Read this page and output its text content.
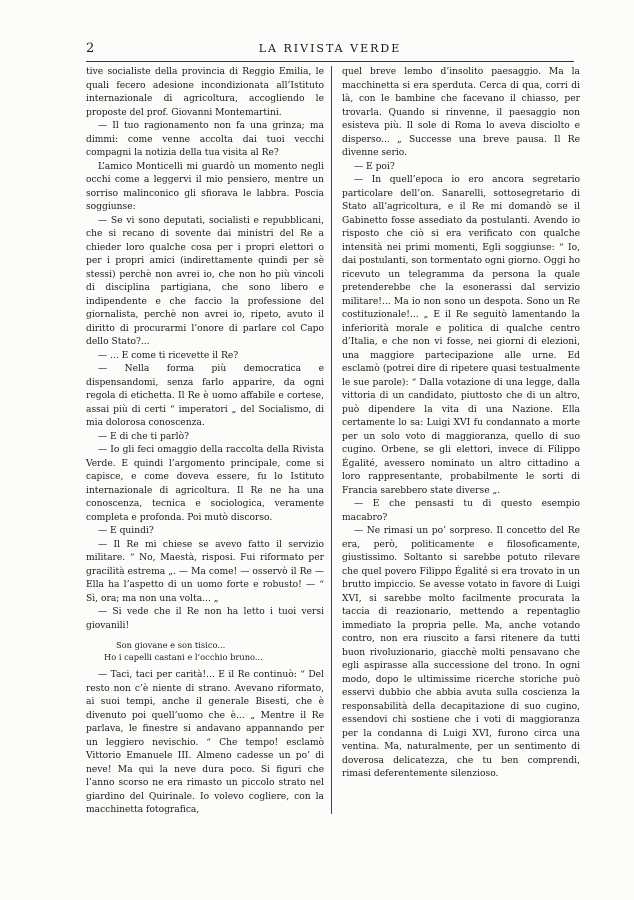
2	LA RIVISTA VERDE

tive socialiste della provincia di Reggio Emilia, le quali fecero adesione incondizionata all’Istituto internazionale di agricoltura, accogliendo le proposte del prof. Giovanni Montemartini.

— Il tuo ragionamento non fa una grinza; ma dimmi: come venne accolta dai tuoi vecchi compagni la notizia della tua visita al Re?

L’amico Monticelli mi guardò un momento negli occhi come a leggervi il mio pensiero, mentre un sorriso malinconico gli sfiorava le labbra. Poscia soggiunse:

— Se vi sono deputati, socialisti e repubblicani, che si recano di sovente dai ministri del Re a chieder loro qualche cosa per i propri elettori o per i propri amici (indirettamente quindi per sè stessi) perchè non avrei io, che non ho più vincoli di disciplina partigiana, che sono libero e indipendente e che faccio la professione del giornalista, perchè non avrei io, ripeto, avuto il diritto di procurarmi l’onore di parlare col Capo dello Stato?...

— ... E come ti ricevette il Re?

— Nella forma più democratica e dispensandomi, senza farlo apparire, da ogni regola di etichetta. Il Re è uomo affabile e cortese, assai più di certi “ imperatori „ del Socialismo, di mia dolorosa conoscenza.

— E di che ti parlò?

— Io gli feci omaggio della raccolta della Rivista Verde. E quindi l’argomento principale, come si capisce, e come doveva essere, fu lo Istituto internazionale di agricoltura. Il Re ne ha una conoscenza, tecnica e sociologica, veramente completa e profonda. Poi mutò discorso.

— E quindi?

— Il Re mi chiese se avevo fatto il servizio militare. “ No, Maestà, risposi. Fui riformato per gracilità estrema „. — Ma come! — osservò il Re — Ella ha l’aspetto di un uomo forte e robusto! — “ Sì, ora; ma non una volta... „

— Si vede che il Re non ha letto i tuoi versi giovanili!

Son giovane e son tisico...
Ho i capelli castani e l’occhio bruno...

— Taci, taci per carità!... E il Re continuò: “ Del resto non c’è niente di strano. Avevano riformato, ai suoi tempi, anche il generale Bisesti, che è divenuto poi quell’uomo che è... „ Mentre il Re parlava, le finestre si andavano appannando per un leggiero nevischio. “ Che tempo! esclamò Vittorio Emanuele III. Almeno cadesse un po’ di neve! Ma qui la neve dura poco. Si figuri che l’anno scorso ne era rimasto un piccolo strato nel giardino del Quirinale. Io volevo coglierе, con la macchinetta fotografica,

quel breve lembo d’insolito paesaggio. Ma la macchinetta si era sperduta. Cerca di qua, corri di là, con le bambine che facevano il chiasso, per trovarla. Quando si rinvenne, il paesaggio non esisteva più. Il sole di Roma lo aveva disciolto e disperso... „ Successe una breve pausa. Il Re divenne serio.

— E poi?

— In quell’epoca io ero ancora segretario particolare dell’on. Sanarelli, sottosegretario di Stato all’agricoltura, e il Re mi domandò se il Gabinetto fosse assediato da postulanti. Avendo io risposto che ciò si era verificato con qualche intensità nei primi momenti, Egli soggiunse: “ Io, dai postulanti, son tormentato ogni giorno. Oggi ho ricevuto un telegramma da persona la quale pretenderebbe che la esonerassi dal servizio militare!... Ma io non sono un despota. Sono un Re costituzionale!... „ E il Re seguitò lamentando la inferiorità morale e politica di qualche centro d’Italia, e che non vi fosse, nei giorni di elezioni, una maggiore partecipazione alle urne. Ed esclamò (potrei dire di ripetere quasi testualmente le sue parole): “ Dalla votazione di una legge, dalla vittoria di un candidato, piuttosto che di un altro, può dipendere la vita di una Nazione. Ella certamente lo sa: Luigi XVI fu condannato a morte per un solo voto di maggioranza, quello di suo cugino. Orbene, se gli elettori, invece di Filippo Égalité, avessero nominato un altro cittadino a loro rappresentante, probabilmente le sorti di Francia sarebbero state diverse „.

— E che pensasti tu di questo esempio macabro?

— Ne rimasi un po’ sorpreso. Il concetto del Re era, però, politicamente e filosoficamente, giustissimo. Soltanto si sarebbe potuto rilevare che quel povero Filippo Égalité si era trovato in un brutto impiccio. Se avesse votato in favore di Luigi XVI, si sarebbe molto facilmente procurata la taccia di reazionario, mettendo a repentaglio immediato la propria pelle. Ma, anche votando contro, non era riuscito a farsi ritenere da tutti buon rivoluzionario, giacchè molti pensavano che egli aspirasse alla successione del trono. In ogni modo, dopo le ultimissime ricerche storiche può esservi dubbio che abbia avuta sulla coscienza la responsabilità della decapitazione di suo cugino, essendovi chi sostiene che i voti di maggioranza per la condanna di Luigi XVI, furono circa una ventina. Ma, naturalmente, per un sentimento di doverosa delicatezza, che tu ben comprendi, rimasi deferentemente silenzioso.
